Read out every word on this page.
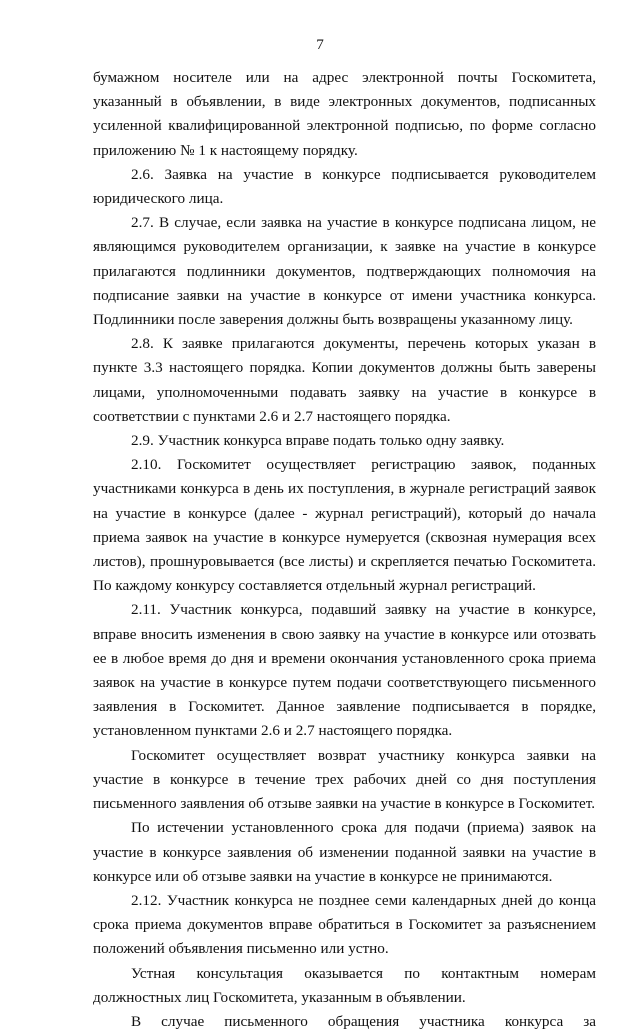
7

бумажном носителе или на адрес электронной почты Госкомитета, указанный в объявлении, в виде электронных документов, подписанных усиленной квалифицированной электронной подписью, по форме согласно приложению № 1 к настоящему порядку.

2.6. Заявка на участие в конкурсе подписывается руководителем юридического лица.

2.7. В случае, если заявка на участие в конкурсе подписана лицом, не являющимся руководителем организации, к заявке на участие в конкурсе прилагаются подлинники документов, подтверждающих полномочия на подписание заявки на участие в конкурсе от имени участника конкурса. Подлинники после заверения должны быть возвращены указанному лицу.

2.8. К заявке прилагаются документы, перечень которых указан в пункте 3.3 настоящего порядка. Копии документов должны быть заверены лицами, уполномоченными подавать заявку на участие в конкурсе в соответствии с пунктами 2.6 и 2.7 настоящего порядка.

2.9. Участник конкурса вправе подать только одну заявку.

2.10. Госкомитет осуществляет регистрацию заявок, поданных участниками конкурса в день их поступления, в журнале регистраций заявок на участие в конкурсе (далее - журнал регистраций), который до начала приема заявок на участие в конкурсе нумеруется (сквозная нумерация всех листов), прошнуровывается (все листы) и скрепляется печатью Госкомитета. По каждому конкурсу составляется отдельный журнал регистраций.

2.11. Участник конкурса, подавший заявку на участие в конкурсе, вправе вносить изменения в свою заявку на участие в конкурсе или отозвать ее в любое время до дня и времени окончания установленного срока приема заявок на участие в конкурсе путем подачи соответствующего письменного заявления в Госкомитет. Данное заявление подписывается в порядке, установленном пунктами 2.6 и 2.7 настоящего порядка.

Госкомитет осуществляет возврат участнику конкурса заявки на участие в конкурсе в течение трех рабочих дней со дня поступления письменного заявления об отзыве заявки на участие в конкурсе в Госкомитет.

По истечении установленного срока для подачи (приема) заявок на участие в конкурсе заявления об изменении поданной заявки на участие в конкурсе или об отзыве заявки на участие в конкурсе не принимаются.

2.12. Участник конкурса не позднее семи календарных дней до конца срока приема документов вправе обратиться в Госкомитет за разъяснением положений объявления письменно или устно.

Устная консультация оказывается по контактным номерам должностных лиц Госкомитета, указанным в объявлении.

В случае письменного обращения участника конкурса за
